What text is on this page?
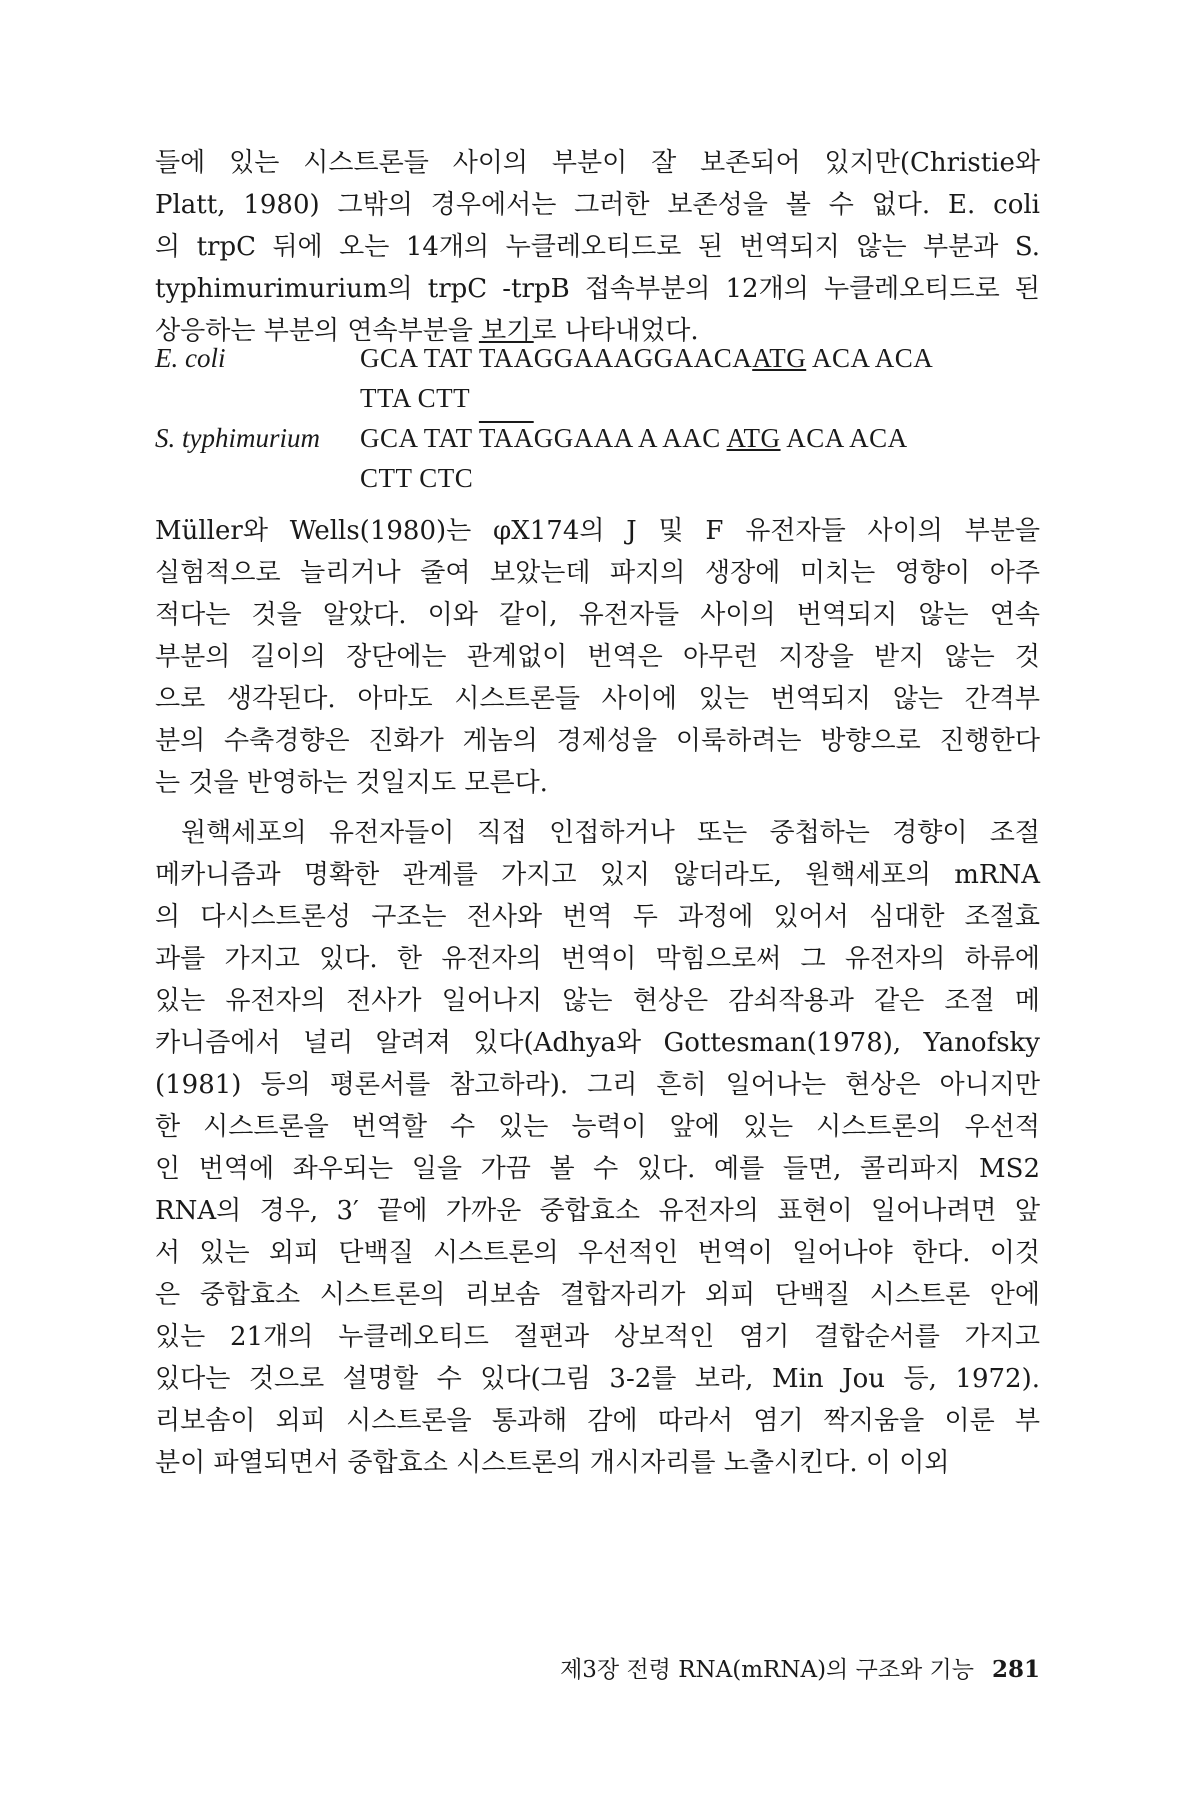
들에 있는 시스트론들 사이의 부분이 잘 보존되어 있지만(Christie와
Platt, 1980) 그밖의 경우에서는 그러한 보존성을 볼 수 없다. E. coli
의 trpC 뒤에 오는 14개의 누클레오티드로 된 번역되지 않는 부분과 S.
typhimurimurium의 trpC -trpB 접속부분의 12개의 누클레오티드로 된
상응하는 부분의 연속부분을 보기로 나타내었다.
E. coli	GCA TAT $\overline{TAA}GGAAAGGAACAATG$ ACA ACA
TTA CTT
S. typhimurium	GCA TAT $\overline{TAA}GGAAA$ A AAC ATG ACA ACA
CTT CTC
Müller와 Wells(1980)는 φX174의 J 및 F 유전자들 사이의 부분을
실험적으로 늘리거나 줄여 보았는데 파지의 생장에 미치는 영향이 아주
적다는 것을 알았다. 이와 같이, 유전자들 사이의 번역되지 않는 연속
부분의 길이의 장단에는 관계없이 번역은 아무런 지장을 받지 않는 것
으로 생각된다. 아마도 시스트론들 사이에 있는 번역되지 않는 간격부
분의 수축경향은 진화가 게놈의 경제성을 이룩하려는 방향으로 진행한다
는 것을 반영하는 것일지도 모른다.
원핵세포의 유전자들이 직접 인접하거나 또는 중첩하는 경향이 조절
메카니즘과 명확한 관계를 가지고 있지 않더라도, 원핵세포의 mRNA
의 다시스트론성 구조는 전사와 번역 두 과정에 있어서 심대한 조절효
과를 가지고 있다. 한 유전자의 번역이 막힘으로써 그 유전자의 하류에
있는 유전자의 전사가 일어나지 않는 현상은 감쇠작용과 같은 조절 메
카니즘에서 널리 알려져 있다(Adhya와 Gottesman(1978), Yanofsky
(1981) 등의 평론서를 참고하라). 그리 흔히 일어나는 현상은 아니지만
한 시스트론을 번역할 수 있는 능력이 앞에 있는 시스트론의 우선적
인 번역에 좌우되는 일을 가끔 볼 수 있다. 예를 들면, 콜리파지 MS2
RNA의 경우, 3′ 끝에 가까운 중합효소 유전자의 표현이 일어나려면 앞
서 있는 외피 단백질 시스트론의 우선적인 번역이 일어나야 한다. 이것
은 중합효소 시스트론의 리보솜 결합자리가 외피 단백질 시스트론 안에
있는 21개의 누클레오티드 절편과 상보적인 염기 결합순서를 가지고
있다는 것으로 설명할 수 있다(그림 3-2를 보라, Min Jou 등, 1972).
리보솜이 외피 시스트론을 통과해 감에 따라서 염기 짝지움을 이룬 부
분이 파열되면서 중합효소 시스트론의 개시자리를 노출시킨다. 이 이외
제3장 전령 RNA(mRNA)의 구조와 기능 281
